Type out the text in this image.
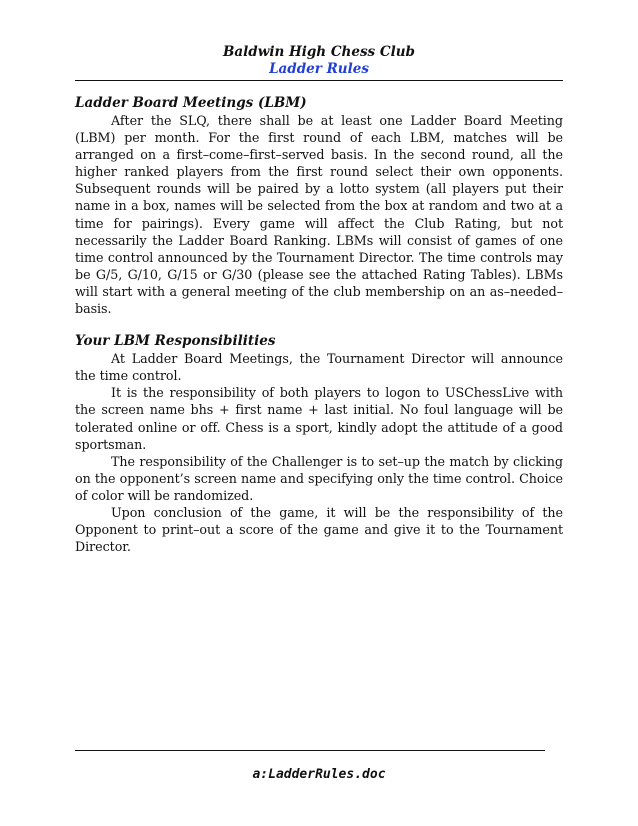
Baldwin High Chess Club
Ladder Rules

Ladder Board Meetings (LBM)

After the SLQ, there shall be at least one Ladder Board Meeting (LBM) per month. For the first round of each LBM, matches will be arranged on a first–come–first–served basis. In the second round, all the higher ranked players from the first round select their own opponents. Subsequent rounds will be paired by a lotto system (all players put their name in a box, names will be selected from the box at random and two at a time for pairings). Every game will affect the Club Rating, but not necessarily the Ladder Board Ranking. LBMs will consist of games of one time control announced by the Tournament Director. The time controls may be G/5, G/10, G/15 or G/30 (please see the attached Rating Tables). LBMs will start with a general meeting of the club membership on an as–needed–basis.

Your LBM Responsibilities

At Ladder Board Meetings, the Tournament Director will announce the time control.

It is the responsibility of both players to logon to USChessLive with the screen name bhs + first name + last initial. No foul language will be tolerated online or off. Chess is a sport, kindly adopt the attitude of a good sportsman.

The responsibility of the Challenger is to set–up the match by clicking on the opponent’s screen name and specifying only the time control. Choice of color will be randomized.

Upon conclusion of the game, it will be the responsibility of the Opponent to print–out a score of the game and give it to the Tournament Director.

a:LadderRules.doc
